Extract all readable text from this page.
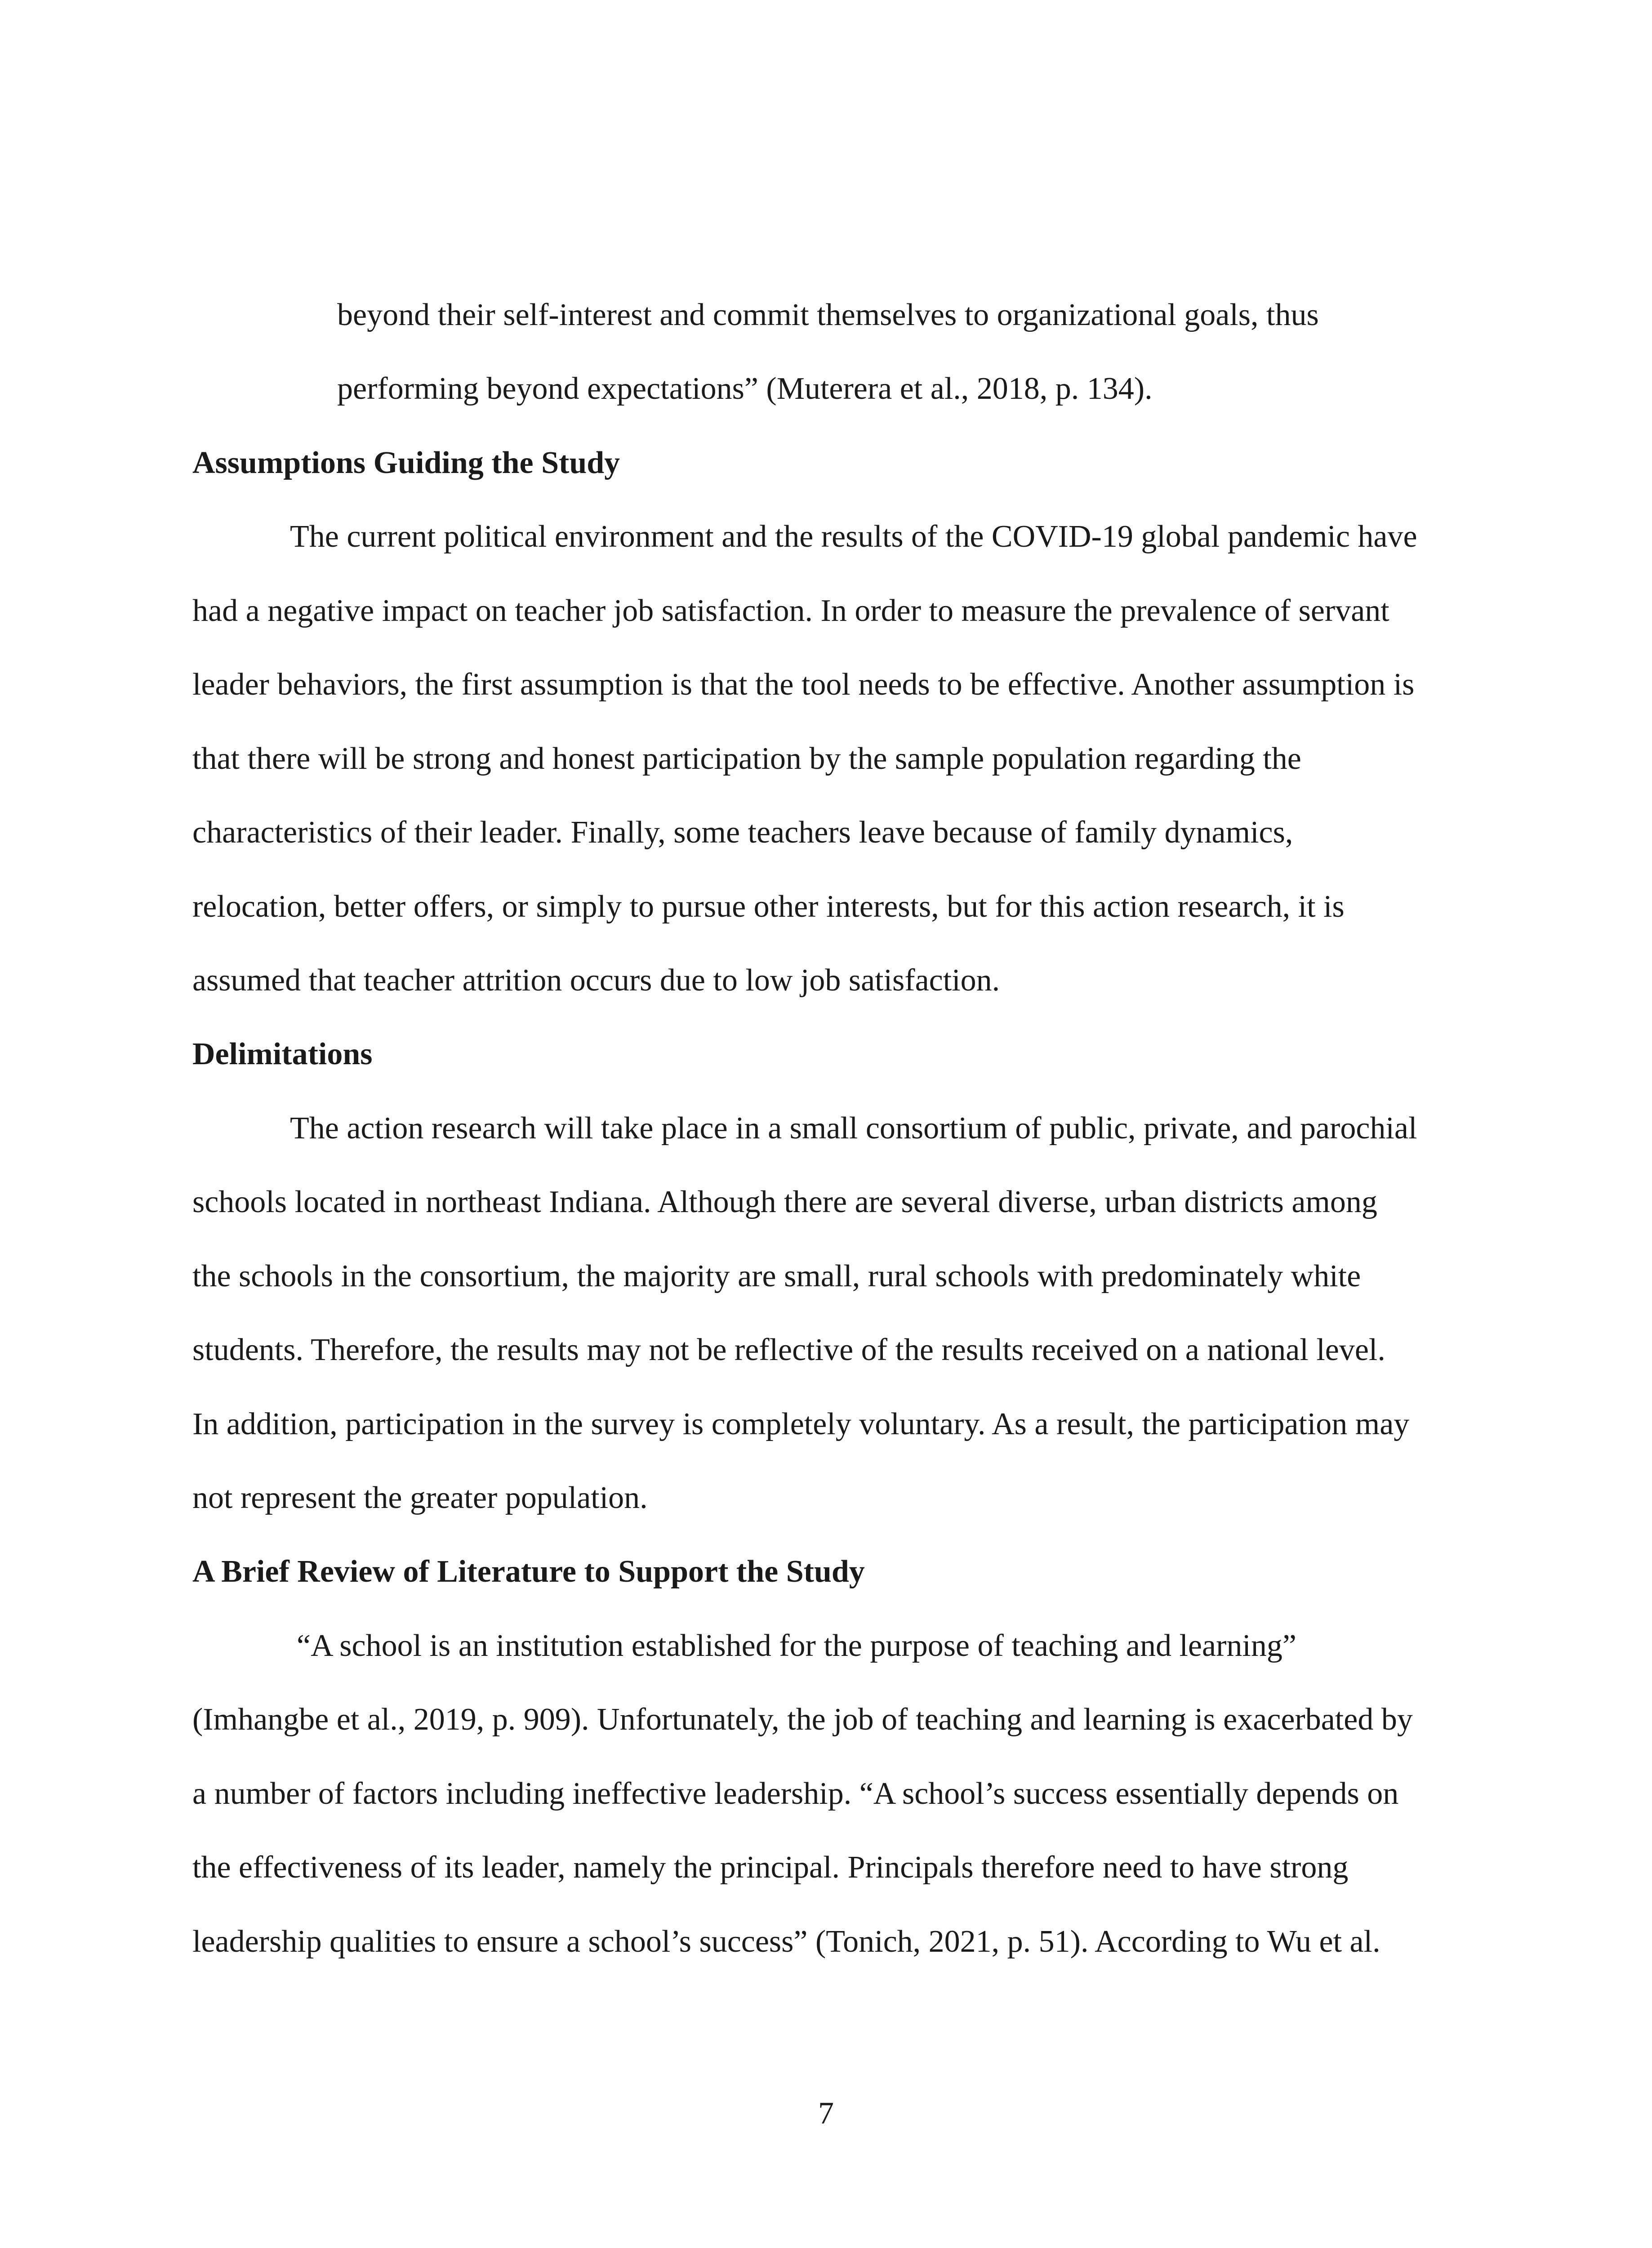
beyond their self-interest and commit themselves to organizational goals, thus
performing beyond expectations” (Muterera et al., 2018, p. 134).
Assumptions Guiding the Study
The current political environment and the results of the COVID-19 global pandemic have
had a negative impact on teacher job satisfaction. In order to measure the prevalence of servant
leader behaviors, the first assumption is that the tool needs to be effective. Another assumption is
that there will be strong and honest participation by the sample population regarding the
characteristics of their leader. Finally, some teachers leave because of family dynamics,
relocation, better offers, or simply to pursue other interests, but for this action research, it is
assumed that teacher attrition occurs due to low job satisfaction.
Delimitations
The action research will take place in a small consortium of public, private, and parochial
schools located in northeast Indiana. Although there are several diverse, urban districts among
the schools in the consortium, the majority are small, rural schools with predominately white
students. Therefore, the results may not be reflective of the results received on a national level.
In addition, participation in the survey is completely voluntary. As a result, the participation may
not represent the greater population.
A Brief Review of Literature to Support the Study
“A school is an institution established for the purpose of teaching and learning”
(Imhangbe et al., 2019, p. 909). Unfortunately, the job of teaching and learning is exacerbated by
a number of factors including ineffective leadership. “A school’s success essentially depends on
the effectiveness of its leader, namely the principal. Principals therefore need to have strong
leadership qualities to ensure a school’s success” (Tonich, 2021, p. 51). According to Wu et al.
7
